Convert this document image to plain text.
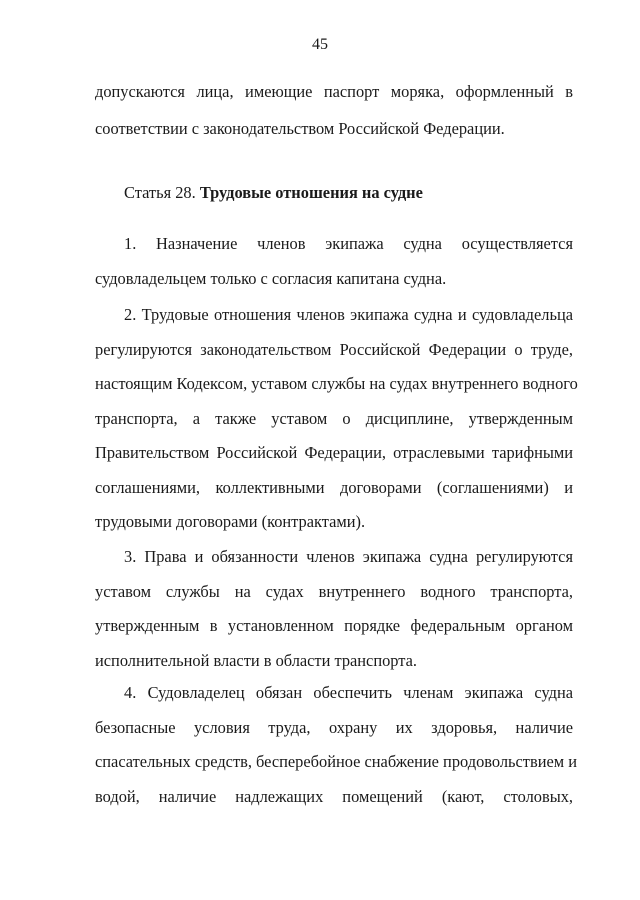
45
допускаются лица, имеющие паспорт моряка, оформленный в
соответствии с законодательством Российской Федерации.
Статья 28. Трудовые отношения на судне
1. Назначение членов экипажа судна осуществляется
судовладельцем только с согласия капитана судна.
2. Трудовые отношения членов экипажа судна и судовладельца
регулируются законодательством Российской Федерации о труде,
настоящим Кодексом, уставом службы на судах внутреннего водного
транспорта, а также уставом о дисциплине, утвержденным
Правительством Российской Федерации, отраслевыми тарифными
соглашениями, коллективными договорами (соглашениями) и
трудовыми договорами (контрактами).
3. Права и обязанности членов экипажа судна регулируются
уставом службы на судах внутреннего водного транспорта,
утвержденным в установленном порядке федеральным органом
исполнительной власти в области транспорта.
4. Судовладелец обязан обеспечить членам экипажа судна
безопасные условия труда, охрану их здоровья, наличие
спасательных средств, бесперебойное снабжение продовольствием и
водой, наличие надлежащих помещений (кают, столовых,
